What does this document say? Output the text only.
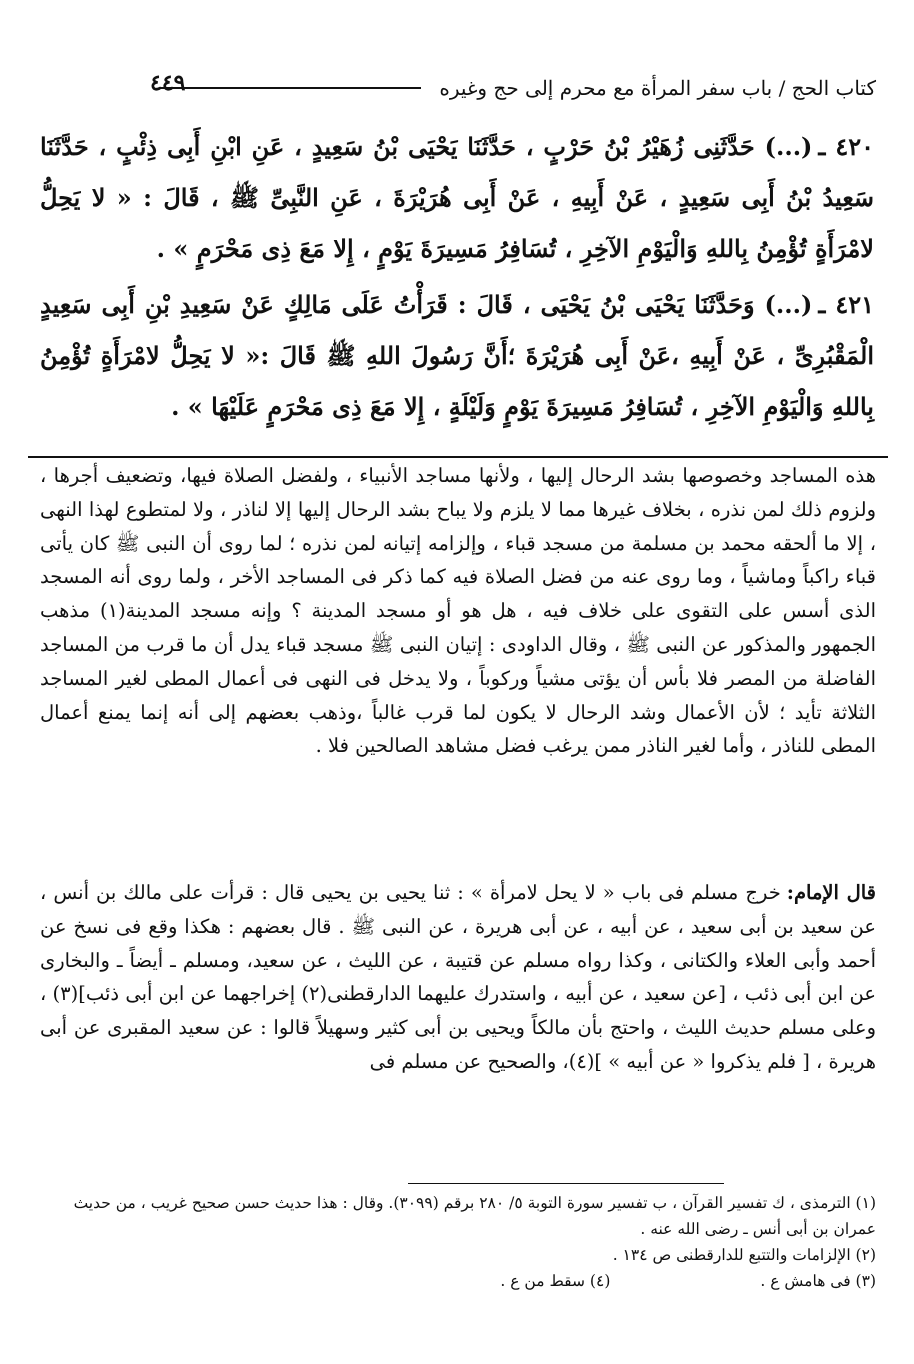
كتاب الحج / باب سفر المرأة مع محرم إلى حج وغيره
٤٤٩
٤٢٠ ـ(...) حَدَّثَنِى زُهَيْرُ بْنُ حَرْبٍ ، حَدَّثَنَا يَحْيَى بْنُ سَعِيدٍ ، عَنِ ابْنِ أَبِى ذِئْبٍ ، حَدَّثَنَا سَعِيدُ بْنُ أَبِى سَعِيدٍ ، عَنْ أَبِيهِ ، عَنْ أَبِى هُرَيْرَةَ ، عَنِ النَّبِىِّ ﷺ ، قَالَ : « لا يَحِلُّ لامْرَأَةٍ تُؤْمِنُ بِاللهِ وَالْيَوْمِ الآخِرِ ، تُسَافِرُ مَسِيرَةَ يَوْمٍ ، إِلا مَعَ ذِى مَحْرَمٍ » .
٤٢١ ـ(...) وَحَدَّثَنَا يَحْيَى بْنُ يَحْيَى ، قَالَ : قَرَأْتُ عَلَى مَالِكٍ عَنْ سَعِيدِ بْنِ أَبِى سَعِيدٍ الْمَقْبُرِىِّ ، عَنْ أَبِيهِ ،عَنْ أَبِى هُرَيْرَةَ ؛أَنَّ رَسُولَ اللهِ ﷺ قَالَ :« لا يَحِلُّ لامْرَأَةٍ تُؤْمِنُ بِاللهِ وَالْيَوْمِ الآخِرِ ، تُسَافِرُ مَسِيرَةَ يَوْمٍ وَلَيْلَةٍ ، إِلا مَعَ ذِى مَحْرَمٍ عَلَيْهَا » .
هذه المساجد وخصوصها بشد الرحال إليها ، ولأنها مساجد الأنبياء ، ولفضل الصلاة فيها، وتضعيف أجرها ، ولزوم ذلك لمن نذره ، بخلاف غيرها مما لا يلزم ولا يباح بشد الرحال إليها إلا لناذر ، ولا لمتطوع لهذا النهى ، إلا ما ألحقه محمد بن مسلمة من مسجد قباء ، وإلزامه إتيانه لمن نذره ؛ لما روى أن النبى ﷺ كان يأتى قباء راكباً وماشياً ، وما روى عنه من فضل الصلاة فيه كما ذكر فى المساجد الأخر ، ولما روى أنه المسجد الذى أسس على التقوى على خلاف فيه ، هل هو أو مسجد المدينة ؟ وإنه مسجد المدينة(١) مذهب الجمهور والمذكور عن النبى ﷺ ، وقال الداودى : إتيان النبى ﷺ مسجد قباء يدل أن ما قرب من المساجد الفاضلة من المصر فلا بأس أن يؤتى مشياً وركوباً ، ولا يدخل فى النهى فى أعمال المطى لغير المساجد الثلاثة تأيد ؛ لأن الأعمال وشد الرحال لا يكون لما قرب غالباً ،وذهب بعضهم إلى أنه إنما يمنع أعمال المطى للناذر ، وأما لغير الناذر ممن يرغب فضل مشاهد الصالحين فلا .
قال الإمام:خرج مسلم فى باب « لا يحل لامرأة » : ثنا يحيى بن يحيى قال : قرأت على مالك بن أنس ، عن سعيد بن أبى سعيد ، عن أبيه ، عن أبى هريرة ، عن النبى ﷺ . قال بعضهم : هكذا وقع فى نسخ عن أحمد وأبى العلاء والكتانى ، وكذا رواه مسلم عن قتيبة ، عن الليث ، عن سعيد، ومسلم ـ أيضاً ـ والبخارى عن ابن أبى ذئب ، [عن سعيد ، عن أبيه ، واستدرك عليهما الدارقطنى(٢) إخراجهما عن ابن أبى ذئب](٣) ، وعلى مسلم حديث الليث ، واحتج بأن مالكاً ويحيى بن أبى كثير وسهيلاً قالوا : عن سعيد المقبرى عن أبى هريرة ، [ فلم يذكروا « عن أبيه » ](٤)، والصحيح عن مسلم فى
(١) الترمذى ، ك تفسير القرآن ، ب تفسير سورة التوبة ٥/ ٢٨٠ برقم (٣٠٩٩). وقال : هذا حديث حسن صحيح غريب ، من حديث عمران بن أبى أنس ـ رضى الله عنه .
(٢) الإلزامات والتتبع للدارقطنى ص ١٣٤ .
(٣) فى هامش ع .
(٤) سقط من ع .
